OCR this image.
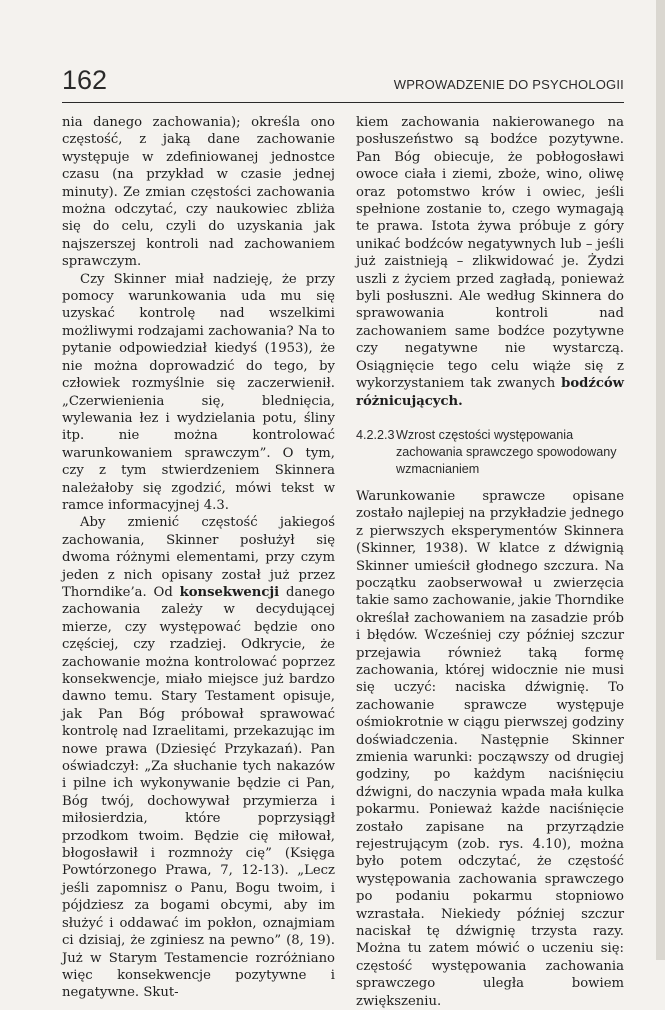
162	WPROWADZENIE DO PSYCHOLOGII

nia danego zachowania); określa ono częstość, z jaką dane zachowanie występuje w zdefiniowanej jednostce czasu (na przykład w czasie jednej minuty). Ze zmian częstości zachowania można odczytać, czy naukowiec zbliża się do celu, czyli do uzyskania jak najszerszej kontroli nad zachowaniem sprawczym.

Czy Skinner miał nadzieję, że przy pomocy warunkowania uda mu się uzyskać kontrolę nad wszelkimi możliwymi rodzajami zachowania? Na to pytanie odpowiedział kiedyś (1953), że nie można doprowadzić do tego, by człowiek rozmyślnie się zaczerwienił. „Czerwienienia się, blednięcia, wylewania łez i wydzielania potu, śliny itp. nie można kontrolować warunkowaniem sprawczym”. O tym, czy z tym stwierdzeniem Skinnera należałoby się zgodzić, mówi tekst w ramce informacyjnej 4.3.

Aby zmienić częstość jakiegoś zachowania, Skinner posłużył się dwoma różnymi elementami, przy czym jeden z nich opisany został już przez Thorndike’a. Od konsekwencji danego zachowania zależy w decydującej mierze, czy występować będzie ono częściej, czy rzadziej. Odkrycie, że zachowanie można kontrolować poprzez konsekwencje, miało miejsce już bardzo dawno temu. Stary Testament opisuje, jak Pan Bóg próbował sprawować kontrolę nad Izraelitami, przekazując im nowe prawa (Dziesięć Przykazań). Pan oświadczył: „Za słuchanie tych nakazów i pilne ich wykonywanie będzie ci Pan, Bóg twój, dochowywał przymierza i miłosierdzia, które poprzysiągł przodkom twoim. Będzie cię miłował, błogosławił i rozmnoży cię” (Księga Powtórzonego Prawa, 7, 12-13). „Lecz jeśli zapomnisz o Panu, Bogu twoim, i pójdziesz za bogami obcymi, aby im służyć i oddawać im pokłon, oznajmiam ci dzisiaj, że zginiesz na pewno” (8, 19). Już w Starym Testamencie rozróżniano więc konsekwencje pozytywne i negatywne. Skut-

kiem zachowania nakierowanego na posłuszeństwo są bodźce pozytywne. Pan Bóg obiecuje, że pobłogosławi owoce ciała i ziemi, zboże, wino, oliwę oraz potomstwo krów i owiec, jeśli spełnione zostanie to, czego wymagają te prawa. Istota żywa próbuje z góry unikać bodźców negatywnych lub – jeśli już zaistnieją – zlikwidować je. Żydzi uszli z życiem przed zagładą, ponieważ byli posłuszni. Ale według Skinnera do sprawowania kontroli nad zachowaniem same bodźce pozytywne czy negatywne nie wystarczą. Osiągnięcie tego celu wiąże się z wykorzystaniem tak zwanych bodźców różnicujących.

4.2.2.3 Wzrost częstości występowania zachowania sprawczego spowodowany wzmacnianiem

Warunkowanie sprawcze opisane zostało najlepiej na przykładzie jednego z pierwszych eksperymentów Skinnera (Skinner, 1938). W klatce z dźwignią Skinner umieścił głodnego szczura. Na początku zaobserwował u zwierzęcia takie samo zachowanie, jakie Thorndike określał zachowaniem na zasadzie prób i błędów. Wcześniej czy później szczur przejawia również taką formę zachowania, której widocznie nie musi się uczyć: naciska dźwignię. To zachowanie sprawcze występuje ośmiokrotnie w ciągu pierwszej godziny doświadczenia. Następnie Skinner zmienia warunki: począwszy od drugiej godziny, po każdym naciśnięciu dźwigni, do naczynia wpada mała kulka pokarmu. Ponieważ każde naciśnięcie zostało zapisane na przyrządzie rejestrującym (zob. rys. 4.10), można było potem odczytać, że częstość występowania zachowania sprawczego po podaniu pokarmu stopniowo wzrastała. Niekiedy później szczur naciskał tę dźwignię trzysta razy. Można tu zatem mówić o uczeniu się: częstość występowania zachowania sprawczego uległa bowiem zwiększeniu.
